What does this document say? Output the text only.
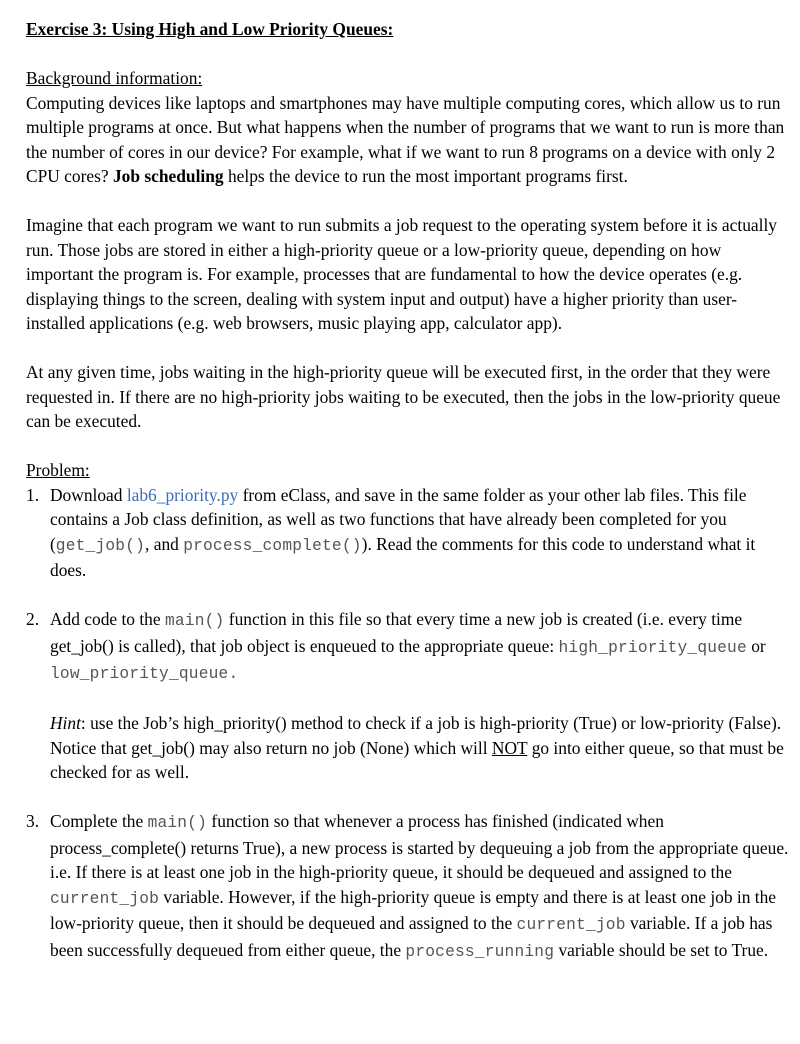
Exercise 3: Using High and Low Priority Queues:

Background information:

Computing devices like laptops and smartphones may have multiple computing cores, which allow us to run multiple programs at once. But what happens when the number of programs that we want to run is more than the number of cores in our device? For example, what if we want to run 8 programs on a device with only 2 CPU cores? Job scheduling helps the device to run the most important programs first.

Imagine that each program we want to run submits a job request to the operating system before it is actually run. Those jobs are stored in either a high-priority queue or a low-priority queue, depending on how important the program is. For example, processes that are fundamental to how the device operates (e.g. displaying things to the screen, dealing with system input and output) have a higher priority than user-installed applications (e.g. web browsers, music playing app, calculator app).

At any given time, jobs waiting in the high-priority queue will be executed first, in the order that they were requested in. If there are no high-priority jobs waiting to be executed, then the jobs in the low-priority queue can be executed.

Problem:

1. Download lab6_priority.py from eClass, and save in the same folder as your other lab files. This file contains a Job class definition, as well as two functions that have already been completed for you (get_job(), and process_complete()). Read the comments for this code to understand what it does.
2. Add code to the main() function in this file so that every time a new job is created (i.e. every time get_job() is called), that job object is enqueued to the appropriate queue: high_priority_queue or low_priority_queue.
Hint: use the Job’s high_priority() method to check if a job is high-priority (True) or low-priority (False). Notice that get_job() may also return no job (None) which will NOT go into either queue, so that must be checked for as well.
3. Complete the main() function so that whenever a process has finished (indicated when process_complete() returns True), a new process is started by dequeuing a job from the appropriate queue. i.e. If there is at least one job in the high-priority queue, it should be dequeued and assigned to the current_job variable. However, if the high-priority queue is empty and there is at least one job in the low-priority queue, then it should be dequeued and assigned to the current_job variable. If a job has been successfully dequeued from either queue, the process_running variable should be set to True.
